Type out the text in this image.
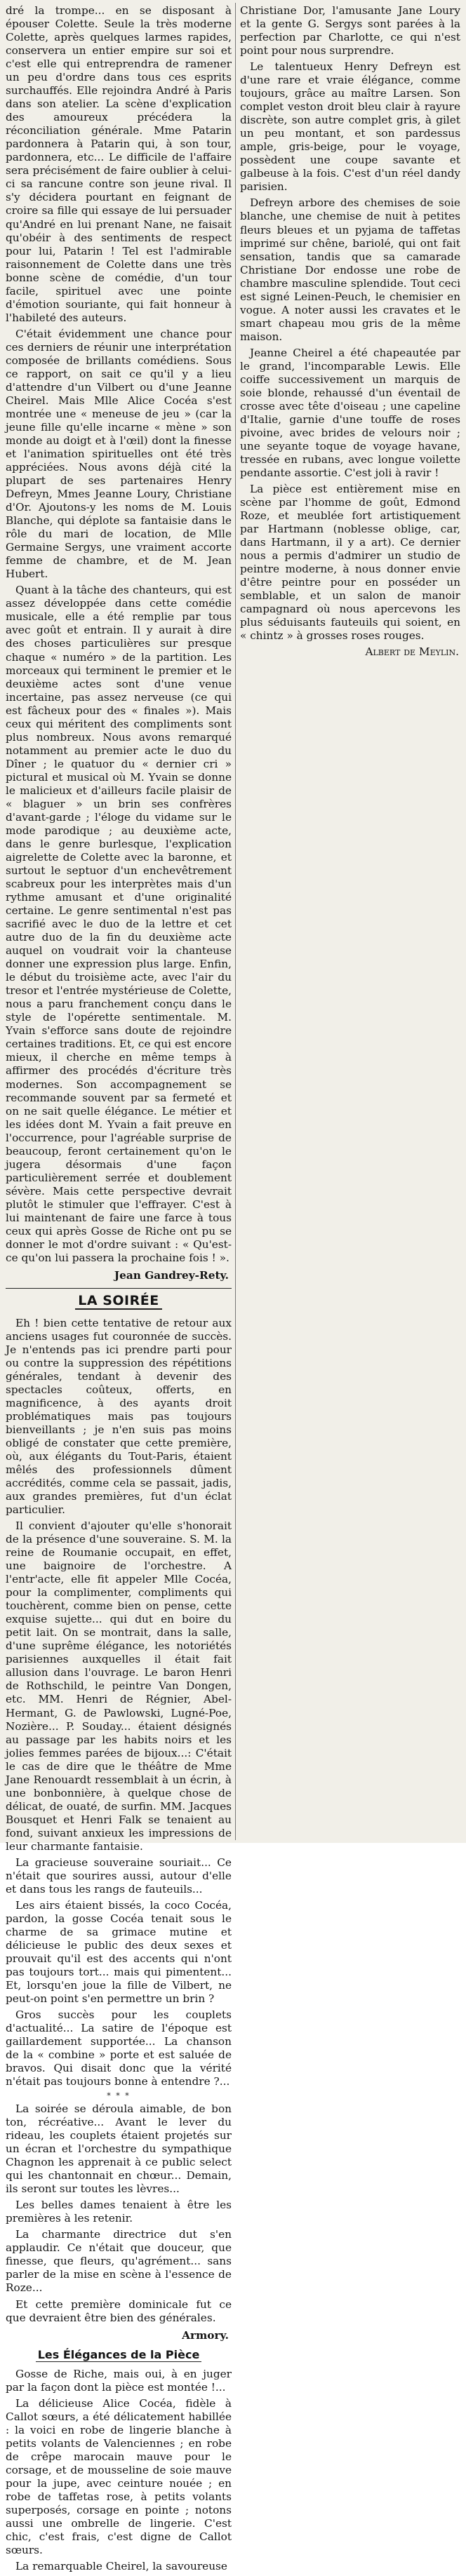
dré la trompe... en se disposant à épouser Colette. Seule la très moderne Colette, après quelques larmes rapides, conservera un entier empire sur soi et c'est elle qui entreprendra de ramener un peu d'ordre dans tous ces esprits surchauffés. Elle rejoindra André à Paris dans son atelier. La scène d'explication des amoureux précédera la réconciliation générale. Mme Patarin pardonnera à Patarin qui, à son tour, pardonnera, etc... Le difficile de l'affaire sera précisément de faire oublier à celui-ci sa rancune contre son jeune rival. Il s'y décidera pourtant en feignant de croire sa fille qui essaye de lui persuader qu'André en lui prenant Nane, ne faisait qu'obéir à des sentiments de respect pour lui, Patarin ! Tel est l'admirable raisonnement de Colette dans une très bonne scène de comédie, d'un tour facile, spirituel avec une pointe d'émotion souriante, qui fait honneur à l'habileté des auteurs.

C'était évidemment une chance pour ces derniers de réunir une interprétation composée de brillants comédiens. Sous ce rapport, on sait ce qu'il y a lieu d'attendre d'un Vilbert ou d'une Jeanne Cheirel. Mais Mlle Alice Cocéa s'est montrée une « meneuse de jeu » (car la jeune fille qu'elle incarne « mène » son monde au doigt et à l'œil) dont la finesse et l'animation spirituelles ont été très appréciées. Nous avons déjà cité la plupart de ses partenaires Henry Defreyn, Mmes Jeanne Loury, Christiane d'Or. Ajoutons-y les noms de M. Louis Blanche, qui déplote sa fantaisie dans le rôle du mari de location, de Mlle Germaine Sergys, une vraiment accorte femme de chambre, et de M. Jean Hubert.

Quant à la tâche des chanteurs, qui est assez développée dans cette comédie musicale, elle a été remplie par tous avec goût et entrain. Il y aurait à dire des choses particulières sur presque chaque « numéro » de la partition. Les morceaux qui terminent le premier et le deuxième actes sont d'une venue incertaine, pas assez nerveuse (ce qui est fâcheux pour des « finales »). Mais ceux qui méritent des compliments sont plus nombreux. Nous avons remarqué notamment au premier acte le duo du Dîner ; le quatuor du « dernier cri » pictural et musical où M. Yvain se donne le malicieux et d'ailleurs facile plaisir de « blaguer » un brin ses confrères d'avant-garde ; l'éloge du vidame sur le mode parodique ; au deuxième acte, dans le genre burlesque, l'explication aigrelette de Colette avec la baronne, et surtout le septuor d'un enchevêtrement scabreux pour les interprètes mais d'un rythme amusant et d'une originalité certaine. Le genre sentimental n'est pas sacrifié avec le duo de la lettre et cet autre duo de la fin du deuxième acte auquel on voudrait voir la chanteuse donner une expression plus large. Enfin, le début du troisième acte, avec l'air du tresor et l'entrée mystérieuse de Colette, nous a paru franchement conçu dans le style de l'opérette sentimentale. M. Yvain s'efforce sans doute de rejoindre certaines traditions. Et, ce qui est encore mieux, il cherche en même temps à affirmer des procédés d'écriture très modernes. Son accompagnement se recommande souvent par sa fermeté et on ne sait quelle élégance. Le métier et les idées dont M. Yvain a fait preuve en l'occurrence, pour l'agréable surprise de beaucoup, feront certainement qu'on le jugera désormais d'une façon particulièrement serrée et doublement sévère. Mais cette perspective devrait plutôt le stimuler que l'effrayer. C'est à lui maintenant de faire une farce à tous ceux qui après Gosse de Riche ont pu se donner le mot d'ordre suivant : « Qu'est-ce qu'on lui passera la prochaine fois ! ».

Jean Gandrey-Rety.
LA SOIRÉE

Eh ! bien cette tentative de retour aux anciens usages fut couronnée de succès. Je n'entends pas ici prendre parti pour ou contre la suppression des répétitions générales, tendant à devenir des spectacles coûteux, offerts, en magnificence, à des ayants droit problématiques mais pas toujours bienveillants ; je n'en suis pas moins obligé de constater que cette première, où, aux élégants du Tout-Paris, étaient mêlés des professionnels dûment accrédités, comme cela se passait, jadis, aux grandes premières, fut d'un éclat particulier.

Il convient d'ajouter qu'elle s'honorait de la présence d'une souveraine. S. M. la reine de Roumanie occupait, en effet, une baignoire de l'orchestre. A l'entr'acte, elle fit appeler Mlle Cocéa, pour la complimenter, compliments qui touchèrent, comme bien on pense, cette exquise sujette... qui dut en boire du petit lait. On se montrait, dans la salle, d'une suprême élégance, les notoriétés parisiennes auxquelles il était fait allusion dans l'ouvrage. Le baron Henri de Rothschild, le peintre Van Dongen, etc. MM. Henri de Régnier, Abel-Hermant, G. de Pawlowski, Lugné-Poe, Nozière... P. Souday... étaient désignés au passage par les habits noirs et les jolies femmes parées de bijoux...: C'était le cas de dire que le théâtre de Mme Jane Renouardt ressemblait à un écrin, à une bonbonnière, à quelque chose de délicat, de ouaté, de surfin. MM. Jacques Bousquet et Henri Falk se tenaient au fond, suivant anxieux les impressions de leur charmante fantaisie.

La gracieuse souveraine souriait... Ce n'était que sourires aussi, autour d'elle et dans tous les rangs de fauteuils...

Les airs étaient bissés, la coco Cocéa, pardon, la gosse Cocéa tenait sous le charme de sa grimace mutine et délicieuse le public des deux sexes et prouvait qu'il est des accents qui n'ont pas toujours tort... mais qui pimentent... Et, lorsqu'en joue la fille de Vilbert, ne peut-on point s'en permettre un brin ?

Gros succès pour les couplets d'actualité... La satire de l'époque est gaillardement supportée... La chanson de la « combine » porte et est saluée de bravos. Qui disait donc que la vérité n'était pas toujours bonne à entendre ?...

* * *

La soirée se déroula aimable, de bon ton, récréative... Avant le lever du rideau, les couplets étaient projetés sur un écran et l'orchestre du sympathique Chagnon les apprenait à ce public select qui les chantonnait en chœur... Demain, ils seront sur toutes les lèvres...

Les belles dames tenaient à être les premières à les retenir.

La charmante directrice dut s'en applaudir. Ce n'était que douceur, que finesse, que fleurs, qu'agrément... sans parler de la mise en scène à l'essence de Roze...

Et cette première dominicale fut ce que devraient être bien des générales.

Armory.
Les Élégances de la Pièce

Gosse de Riche, mais oui, à en juger par la façon dont la pièce est montée !...

La délicieuse Alice Cocéa, fidèle à Callot sœurs, a été délicatement habillée : la voici en robe de lingerie blanche à petits volants de Valenciennes ; en robe de crêpe marocain mauve pour le corsage, et de mousseline de soie mauve pour la jupe, avec ceinture nouée ; en robe de taffetas rose, à petits volants superposés, corsage en pointe ; notons aussi une ombrelle de lingerie. C'est chic, c'est frais, c'est digne de Callot sœurs.

La remarquable Cheirel, la savoureuse

Christiane Dor, l'amusante Jane Loury et la gente G. Sergys sont parées à la perfection par Charlotte, ce qui n'est point pour nous surprendre.

Le talentueux Henry Defreyn est d'une rare et vraie élégance, comme toujours, grâce au maître Larsen. Son complet veston droit bleu clair à rayure discrète, son autre complet gris, à gilet un peu montant, et son pardessus ample, gris-beige, pour le voyage, possèdent une coupe savante et galbeuse à la fois. C'est d'un réel dandy parisien.

Defreyn arbore des chemises de soie blanche, une chemise de nuit à petites fleurs bleues et un pyjama de taffetas imprimé sur chêne, bariolé, qui ont fait sensation, tandis que sa camarade Christiane Dor endosse une robe de chambre masculine splendide. Tout ceci est signé Leinen-Peuch, le chemisier en vogue. A noter aussi les cravates et le smart chapeau mou gris de la même maison.

Jeanne Cheirel a été chapeautée par le grand, l'incomparable Lewis. Elle coiffe successivement un marquis de soie blonde, rehaussé d'un éventail de crosse avec tête d'oiseau ; une capeline d'Italie, garnie d'une touffe de roses pivoine, avec brides de velours noir ; une seyante toque de voyage havane, tressée en rubans, avec longue voilette pendante assortie. C'est joli à ravir !

La pièce est entièrement mise en scène par l'homme de goût, Edmond Roze, et meublée fort artistiquement par Hartmann (noblesse oblige, car, dans Hartmann, il y a art). Ce dernier nous a permis d'admirer un studio de peintre moderne, à nous donner envie d'être peintre pour en posséder un semblable, et un salon de manoir campagnard où nous apercevons les plus séduisants fauteuils qui soient, en « chintz » à grosses roses rouges.

Albert de Meylin.
